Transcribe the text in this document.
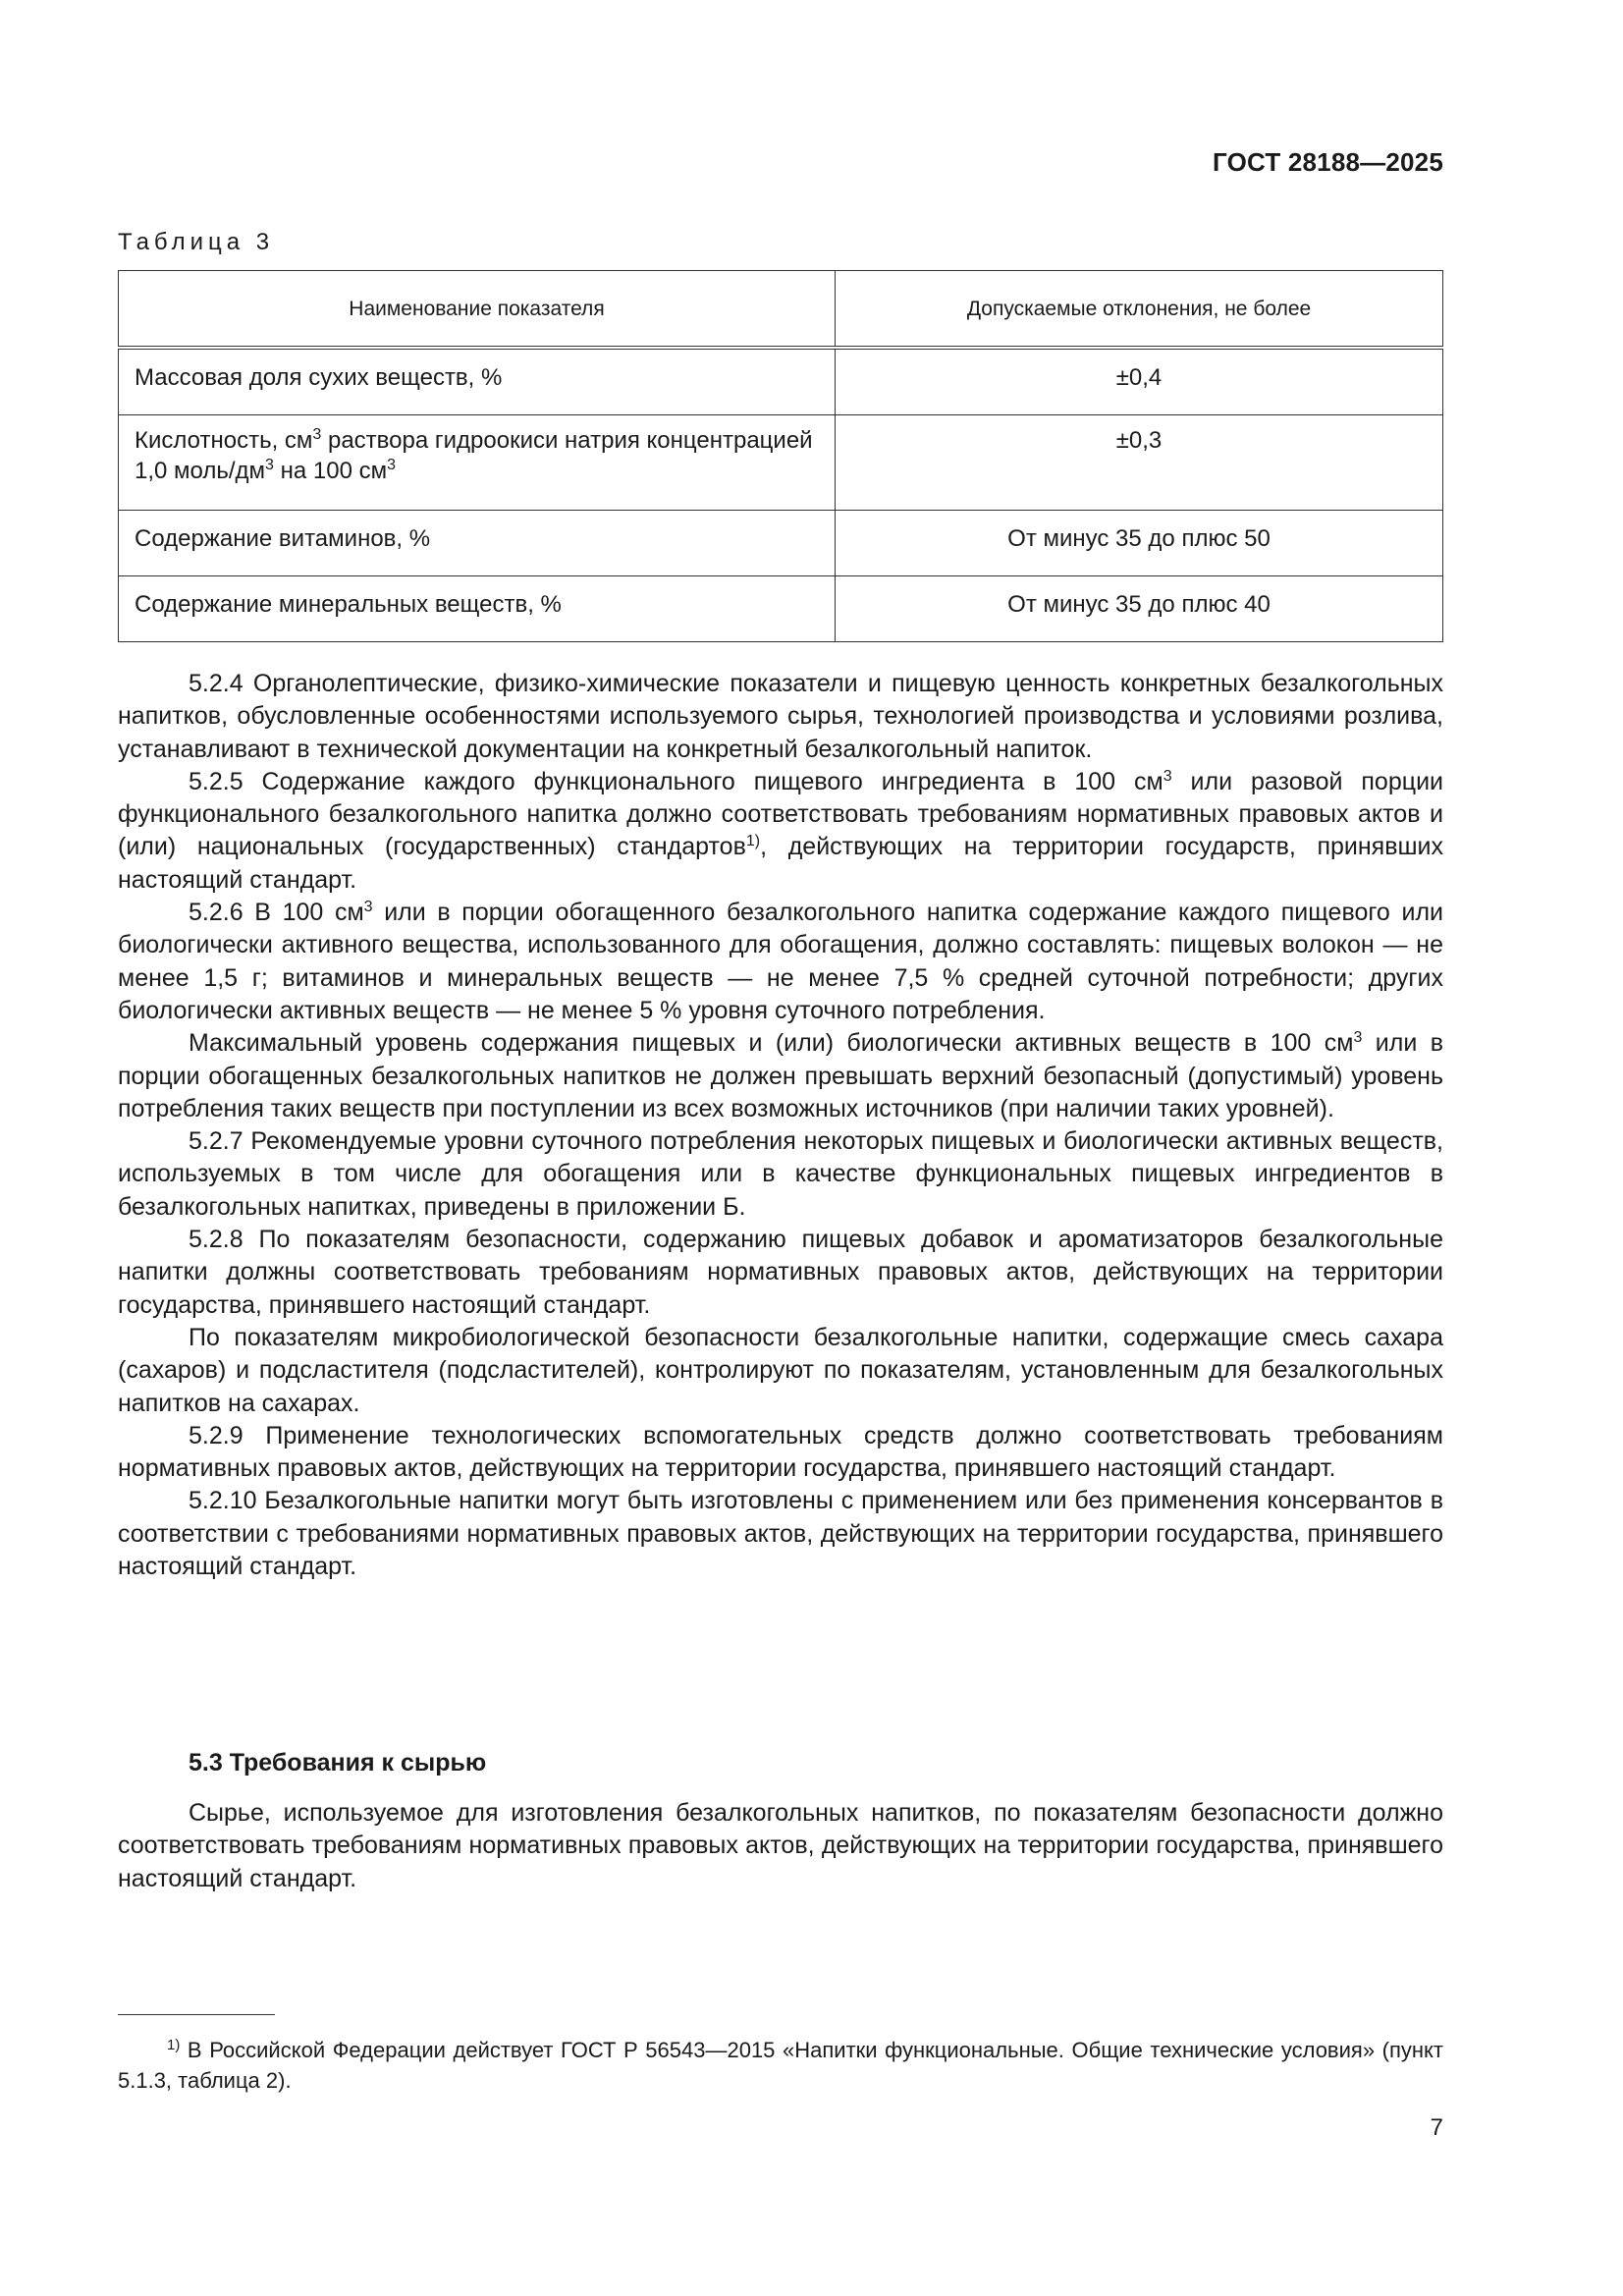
ГОСТ 28188—2025
Таблица 3
Наименование показателя	Допускаемые отклонения, не более
Массовая доля сухих веществ, %	±0,4
Кислотность, $см^3$ раствора гидроокиси натрия концентрацией 1,0 моль/$дм^3$ на 100 $см^3$	±0,3
Содержание витаминов, %	От минус 35 до плюс 50
Содержание минеральных веществ, %	От минус 35 до плюс 40

5.2.4 Органолептические, физико-химические показатели и пищевую ценность конкретных безалкогольных напитков, обусловленные особенностями используемого сырья, технологией производства и условиями розлива, устанавливают в технической документации на конкретный безалкогольный напиток.

5.2.5 Содержание каждого функционального пищевого ингредиента в 100 $см^3$ или разовой порции функционального безалкогольного напитка должно соответствовать требованиям нормативных правовых актов и (или) национальных (государственных) стандартов$^{1)}$, действующих на территории государств, принявших настоящий стандарт.

5.2.6 В 100 $см^3$ или в порции обогащенного безалкогольного напитка содержание каждого пищевого или биологически активного вещества, использованного для обогащения, должно составлять: пищевых волокон — не менее 1,5 г; витаминов и минеральных веществ — не менее 7,5 % средней суточной потребности; других биологически активных веществ — не менее 5 % уровня суточного потребления.

Максимальный уровень содержания пищевых и (или) биологически активных веществ в 100 $см^3$ или в порции обогащенных безалкогольных напитков не должен превышать верхний безопасный (допустимый) уровень потребления таких веществ при поступлении из всех возможных источников (при наличии таких уровней).

5.2.7 Рекомендуемые уровни суточного потребления некоторых пищевых и биологически активных веществ, используемых в том числе для обогащения или в качестве функциональных пищевых ингредиентов в безалкогольных напитках, приведены в приложении Б.

5.2.8 По показателям безопасности, содержанию пищевых добавок и ароматизаторов безалкогольные напитки должны соответствовать требованиям нормативных правовых актов, действующих на территории государства, принявшего настоящий стандарт.

По показателям микробиологической безопасности безалкогольные напитки, содержащие смесь сахара (сахаров) и подсластителя (подсластителей), контролируют по показателям, установленным для безалкогольных напитков на сахарах.

5.2.9 Применение технологических вспомогательных средств должно соответствовать требованиям нормативных правовых актов, действующих на территории государства, принявшего настоящий стандарт.

5.2.10 Безалкогольные напитки могут быть изготовлены с применением или без применения консервантов в соответствии с требованиями нормативных правовых актов, действующих на территории государства, принявшего настоящий стандарт.

5.3 Требования к сырью

Сырье, используемое для изготовления безалкогольных напитков, по показателям безопасности должно соответствовать требованиям нормативных правовых актов, действующих на территории государства, принявшего настоящий стандарт.

$^{1)}$ В Российской Федерации действует ГОСТ Р 56543—2015 «Напитки функциональные. Общие технические условия» (пункт 5.1.3, таблица 2).

7
